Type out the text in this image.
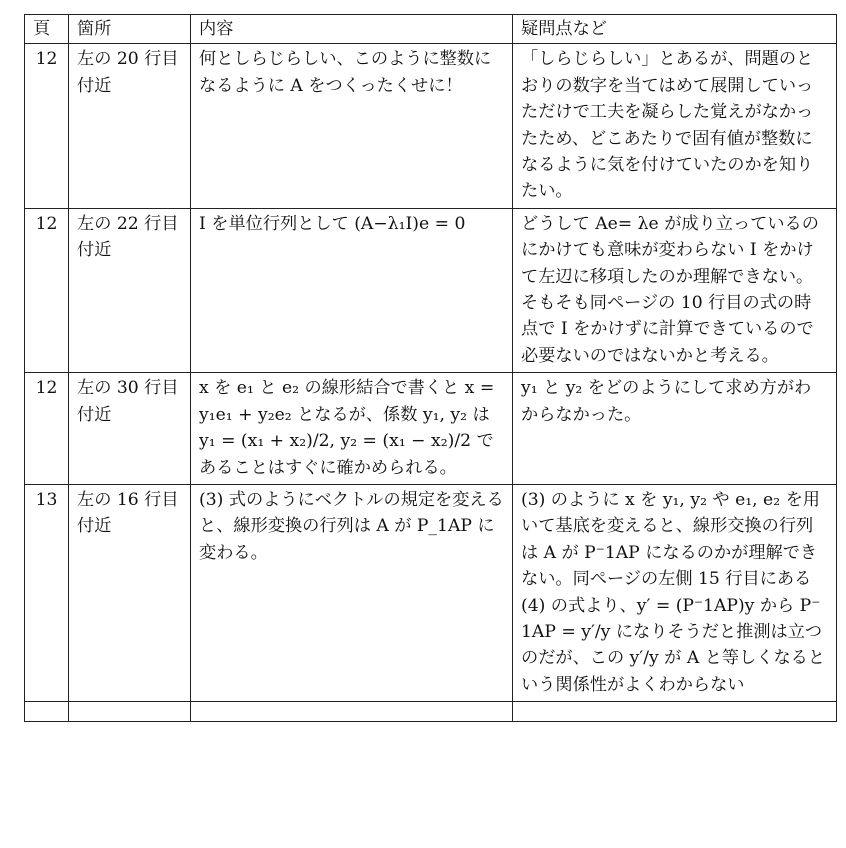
頁	箇所	内容	疑問点など
12	左の 20 行目付近	何としらじらしい、このように整数になるように A をつくったくせに！	「しらじらしい」とあるが、問題のとおりの数字を当てはめて展開していっただけで工夫を凝らした覚えがなかったため、どこあたりで固有値が整数になるように気を付けていたのかを知りたい。
12	左の 22 行目付近	I を単位行列として (A−λ₁I)e = 0	どうして Ae= λe が成り立っているのにかけても意味が変わらない I をかけて左辺に移項したのか理解できない。そもそも同ページの 10 行目の式の時点で I をかけずに計算できているので必要ないのではないかと考える。
12	左の 30 行目付近	x を e₁ と e₂ の線形結合で書くと x = y₁e₁ + y₂e₂ となるが、係数 y₁, y₂ は y₁ = (x₁ + x₂)/2, y₂ = (x₁ − x₂)/2 であることはすぐに確かめられる。	y₁ と y₂ をどのようにして求め方がわからなかった。
13	左の 16 行目付近	(3) 式のようにベクトルの規定を変えると、線形変換の行列は A が P_1AP に変わる。	(3) のように x を y₁, y₂ や e₁, e₂ を用いて基底を変えると、線形交換の行列は A が P⁻1AP になるのかが理解できない。同ページの左側 15 行目にある (4) の式より、y′ = (P⁻1AP)y から P⁻1AP = y′/y になりそうだと推測は立つのだが、この y′/y が A と等しくなるという関係性がよくわからない
